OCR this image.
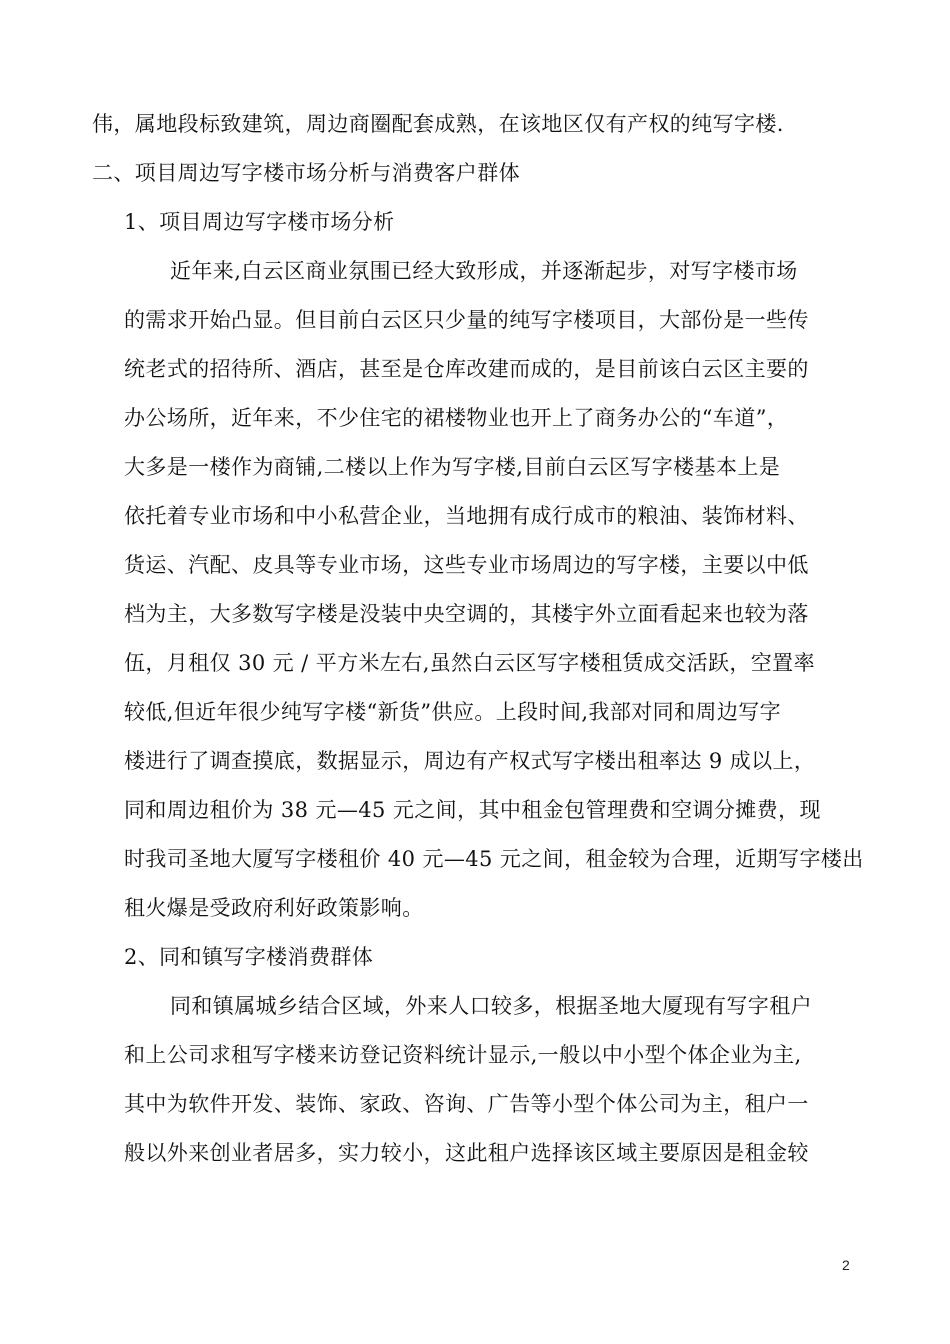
伟，属地段标致建筑，周边商圈配套成熟，在该地区仅有产权的纯写字楼.
二、项目周边写字楼市场分析与消费客户群体
1、项目周边写字楼市场分析
近年来,白云区商业氛围已经大致形成，并逐渐起步，对写字楼市场
的需求开始凸显。但目前白云区只少量的纯写字楼项目，大部份是一些传
统老式的招待所、酒店，甚至是仓库改建而成的，是目前该白云区主要的
办公场所，近年来，不少住宅的裙楼物业也开上了商务办公的“车道”，
大多是一楼作为商铺,二楼以上作为写字楼,目前白云区写字楼基本上是
依托着专业市场和中小私营企业，当地拥有成行成市的粮油、装饰材料、
货运、汽配、皮具等专业市场，这些专业市场周边的写字楼，主要以中低
档为主，大多数写字楼是没装中央空调的，其楼宇外立面看起来也较为落
伍，月租仅 30 元 / 平方米左右,虽然白云区写字楼租赁成交活跃，空置率
较低,但近年很少纯写字楼“新货”供应。上段时间,我部对同和周边写字
楼进行了调查摸底，数据显示，周边有产权式写字楼出租率达 9 成以上，
同和周边租价为 38 元—45 元之间，其中租金包管理费和空调分摊费，现
时我司圣地大厦写字楼租价 40 元—45 元之间，租金较为合理，近期写字楼出
租火爆是受政府利好政策影响。
2、同和镇写字楼消费群体
同和镇属城乡结合区域，外来人口较多，根据圣地大厦现有写字租户
和上公司求租写字楼来访登记资料统计显示,一般以中小型个体企业为主,
其中为软件开发、装饰、家政、咨询、广告等小型个体公司为主，租户一
般以外来创业者居多，实力较小，这此租户选择该区域主要原因是租金较
2
